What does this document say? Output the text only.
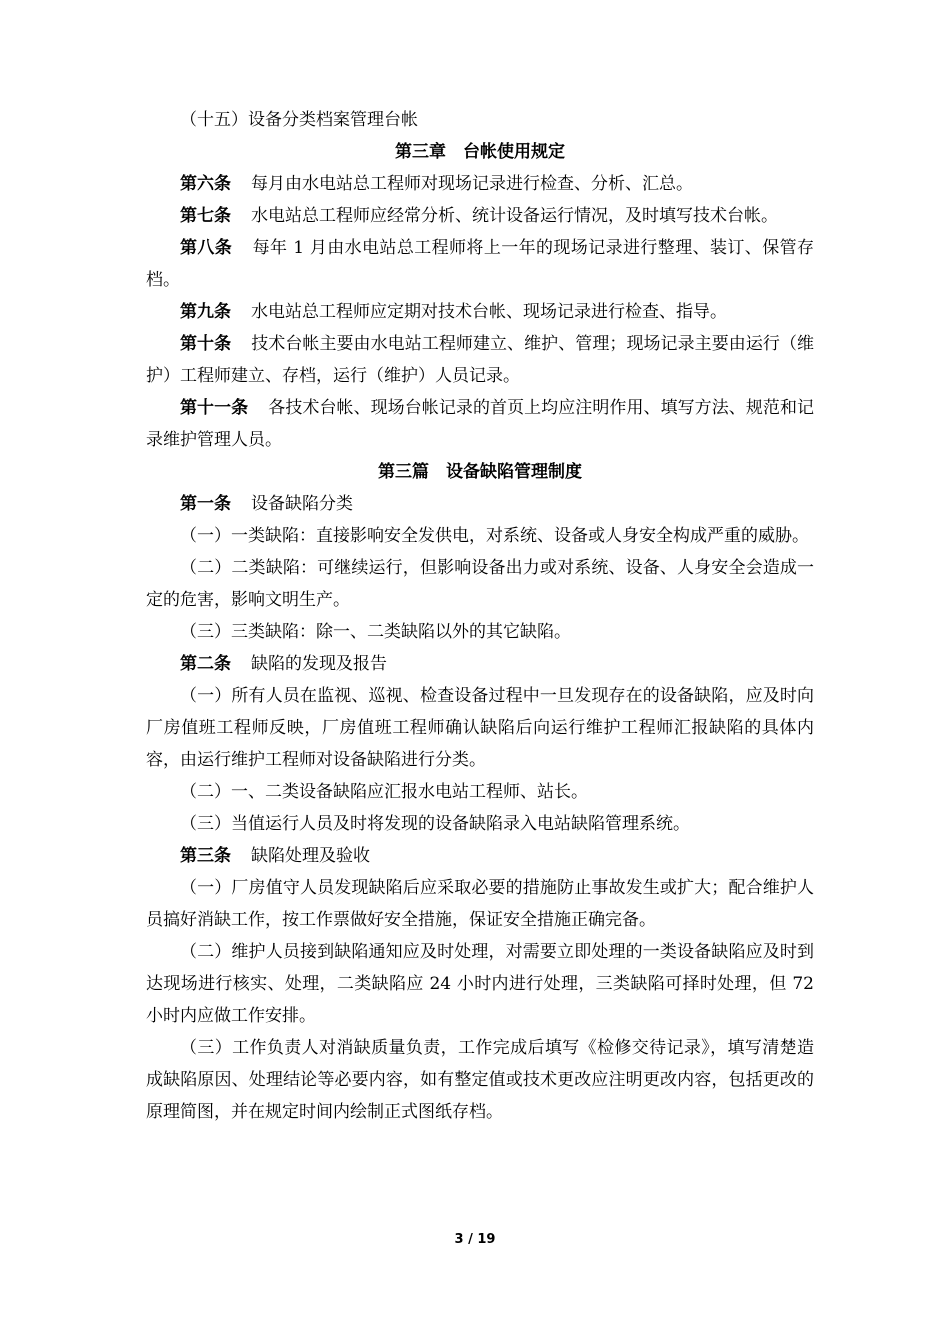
（十五）设备分类档案管理台帐

第三章　台帐使用规定

第六条 每月由水电站总工程师对现场记录进行检查、分析、汇总。

第七条 水电站总工程师应经常分析、统计设备运行情况，及时填写技术台帐。

第八条 每年 1 月由水电站总工程师将上一年的现场记录进行整理、装订、保管存档。

第九条 水电站总工程师应定期对技术台帐、现场记录进行检查、指导。

第十条 技术台帐主要由水电站工程师建立、维护、管理；现场记录主要由运行（维护）工程师建立、存档，运行（维护）人员记录。

第十一条 各技术台帐、现场台帐记录的首页上均应注明作用、填写方法、规范和记录维护管理人员。

第三篇　设备缺陷管理制度

第一条 设备缺陷分类

（一）一类缺陷：直接影响安全发供电，对系统、设备或人身安全构成严重的威胁。

（二）二类缺陷：可继续运行，但影响设备出力或对系统、设备、人身安全会造成一定的危害，影响文明生产。

（三）三类缺陷：除一、二类缺陷以外的其它缺陷。

第二条 缺陷的发现及报告

（一）所有人员在监视、巡视、检查设备过程中一旦发现存在的设备缺陷，应及时向厂房值班工程师反映，厂房值班工程师确认缺陷后向运行维护工程师汇报缺陷的具体内容，由运行维护工程师对设备缺陷进行分类。

（二）一、二类设备缺陷应汇报水电站工程师、站长。

（三）当值运行人员及时将发现的设备缺陷录入电站缺陷管理系统。

第三条 缺陷处理及验收

（一）厂房值守人员发现缺陷后应采取必要的措施防止事故发生或扩大；配合维护人员搞好消缺工作，按工作票做好安全措施，保证安全措施正确完备。

（二）维护人员接到缺陷通知应及时处理，对需要立即处理的一类设备缺陷应及时到达现场进行核实、处理，二类缺陷应 24 小时内进行处理，三类缺陷可择时处理，但 72 小时内应做工作安排。

（三）工作负责人对消缺质量负责，工作完成后填写《检修交待记录》，填写清楚造成缺陷原因、处理结论等必要内容，如有整定值或技术更改应注明更改内容，包括更改的原理简图，并在规定时间内绘制正式图纸存档。

3 / 19
